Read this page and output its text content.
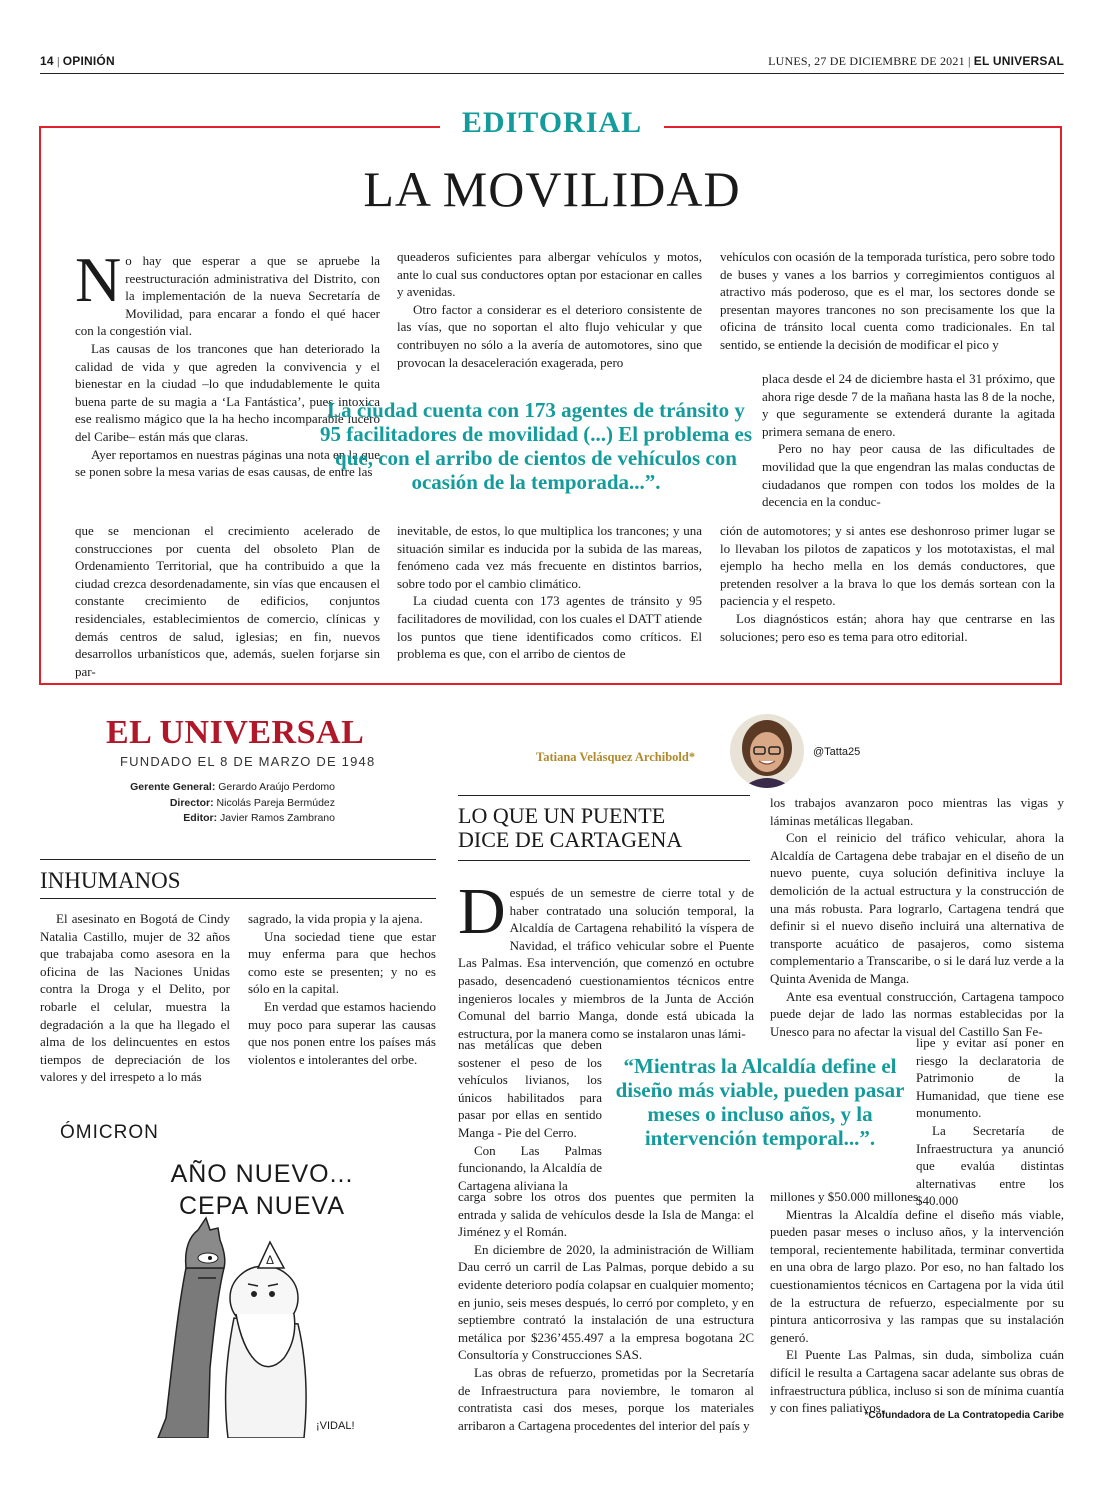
14 | OPINIÓN	LUNES, 27 DE DICIEMBRE DE 2021 | EL UNIVERSAL
EDITORIAL
LA MOVILIDAD

No hay que esperar a que se apruebe la reestructuración administrativa del Distrito, con la implementación de la nueva Secretaría de Movilidad, para encarar a fondo el qué hacer con la congestión vial.

Las causas de los trancones que han deteriorado la calidad de vida y que agreden la convivencia y el bienestar en la ciudad –lo que indudablemente le quita buena parte de su magia a ‘La Fantástica’, pues intoxica ese realismo mágico que la ha hecho incomparable lucero del Caribe– están más que claras.

Ayer reportamos en nuestras páginas una nota en la que se ponen sobre la mesa varias de esas causas, de entre las

que se mencionan el crecimiento acelerado de construcciones por cuenta del obsoleto Plan de Ordenamiento Territorial, que ha contribuido a que la ciudad crezca desordenadamente, sin vías que encausen el constante crecimiento de edificios, conjuntos residenciales, establecimientos de comercio, clínicas y demás centros de salud, iglesias; en fin, nuevos desarrollos urbanísticos que, además, suelen forjarse sin par-

queaderos suficientes para albergar vehículos y motos, ante lo cual sus conductores optan por estacionar en calles y avenidas.

Otro factor a considerar es el deterioro consistente de las vías, que no soportan el alto flujo vehicular y que contribuyen no sólo a la avería de automotores, sino que provocan la desaceleración exagerada, pero

inevitable, de estos, lo que multiplica los trancones; y una situación similar es inducida por la subida de las mareas, fenómeno cada vez más frecuente en distintos barrios, sobre todo por el cambio climático.

La ciudad cuenta con 173 agentes de tránsito y 95 facilitadores de movilidad, con los cuales el DATT atiende los puntos que tiene identificados como críticos. El problema es que, con el arribo de cientos de

vehículos con ocasión de la temporada turística, pero sobre todo de buses y vanes a los barrios y corregimientos contiguos al atractivo más poderoso, que es el mar, los sectores donde se presentan mayores trancones no son precisamente los que la oficina de tránsito local cuenta como tradicionales. En tal sentido, se entiende la decisión de modificar el pico y

placa desde el 24 de diciembre hasta el 31 próximo, que ahora rige desde 7 de la mañana hasta las 8 de la noche, y que seguramente se extenderá durante la agitada primera semana de enero.

Pero no hay peor causa de las dificultades de movilidad que la que engendran las malas conductas de ciudadanos que rompen con todos los moldes de la decencia en la conduc-

ción de automotores; y si antes ese deshonroso primer lugar se lo llevaban los pilotos de zapaticos y los mototaxistas, el mal ejemplo ha hecho mella en los demás conductores, que pretenden resolver a la brava lo que los demás sortean con la paciencia y el respeto.

Los diagnósticos están; ahora hay que centrarse en las soluciones; pero eso es tema para otro editorial.

La ciudad cuenta con 173 agentes de tránsito y 95 facilitadores de movilidad (...) El problema es que, con el arribo de cientos de vehículos con ocasión de la temporada...”.
EL UNIVERSAL
FUNDADO EL 8 DE MARZO DE 1948
Gerente General: Gerardo Araújo Perdomo
Director: Nicolás Pareja Bermúdez
Editor: Javier Ramos Zambrano
INHUMANOS

El asesinato en Bogotá de Cindy Natalia Castillo, mujer de 32 años que trabajaba como asesora en la oficina de las Naciones Unidas contra la Droga y el Delito, por robarle el celular, muestra la degradación a la que ha llegado el alma de los delincuentes en estos tiempos de depreciación de los valores y del irrespeto a lo más

sagrado, la vida propia y la ajena.

Una sociedad tiene que estar muy enferma para que hechos como este se presenten; y no es sólo en la capital.

En verdad que estamos haciendo muy poco para superar las causas que nos ponen entre los países más violentos e intolerantes del orbe.

Δ
ÓMICRON
AÑO NUEVO... CEPA NUEVA
¡VIDAL!
Tatiana Velásquez Archibold*	@Tatta25
LO QUE UN PUENTE
DICE DE CARTAGENA

Después de un semestre de cierre total y de haber contratado una solución temporal, la Alcaldía de Cartagena rehabilitó la víspera de Navidad, el tráfico vehicular sobre el Puente Las Palmas. Esa intervención, que comenzó en octubre pasado, desencadenó cuestionamientos técnicos entre ingenieros locales y miembros de la Junta de Acción Comunal del barrio Manga, donde está ubicada la estructura, por la manera como se instalaron unas lámi-

nas metálicas que deben sostener el peso de los vehículos livianos, los únicos habilitados para pasar por ellas en sentido Manga - Pie del Cerro.

Con Las Palmas funcionando, la Alcaldía de Cartagena aliviana la

carga sobre los otros dos puentes que permiten la entrada y salida de vehículos desde la Isla de Manga: el Jiménez y el Román.

En diciembre de 2020, la administración de William Dau cerró un carril de Las Palmas, porque debido a su evidente deterioro podía colapsar en cualquier momento; en junio, seis meses después, lo cerró por completo, y en septiembre contrató la instalación de una estructura metálica por $236’455.497 a la empresa bogotana 2C Consultoría y Construcciones SAS.

Las obras de refuerzo, prometidas por la Secretaría de Infraestructura para noviembre, le tomaron al contratista casi dos meses, porque los materiales arribaron a Cartagena procedentes del interior del país y

los trabajos avanzaron poco mientras las vigas y láminas metálicas llegaban.

Con el reinicio del tráfico vehicular, ahora la Alcaldía de Cartagena debe trabajar en el diseño de un nuevo puente, cuya solución definitiva incluye la demolición de la actual estructura y la construcción de una más robusta. Para lograrlo, Cartagena tendrá que definir si el nuevo diseño incluirá una alternativa de transporte acuático de pasajeros, como sistema complementario a Transcaribe, o si le dará luz verde a la Quinta Avenida de Manga.

Ante esa eventual construcción, Cartagena tampoco puede dejar de lado las normas establecidas por la Unesco para no afectar la visual del Castillo San Fe-

lipe y evitar así poner en riesgo la declaratoria de Patrimonio de la Humanidad, que tiene ese monumento.

La Secretaría de Infraestructura ya anunció que evalúa distintas alternativas entre los $40.000

millones y $50.000 millones.

Mientras la Alcaldía define el diseño más viable, pueden pasar meses o incluso años, y la intervención temporal, recientemente habilitada, terminar convertida en una obra de largo plazo. Por eso, no han faltado los cuestionamientos técnicos en Cartagena por la vida útil de la estructura de refuerzo, especialmente por su pintura anticorrosiva y las rampas que su instalación generó.

El Puente Las Palmas, sin duda, simboliza cuán difícil le resulta a Cartagena sacar adelante sus obras de infraestructura pública, incluso si son de mínima cuantía y con fines paliativos.

“Mientras la Alcaldía define el diseño más viable, pueden pasar meses o incluso años, y la intervención temporal...”.
*Cofundadora de La Contratopedia Caribe
